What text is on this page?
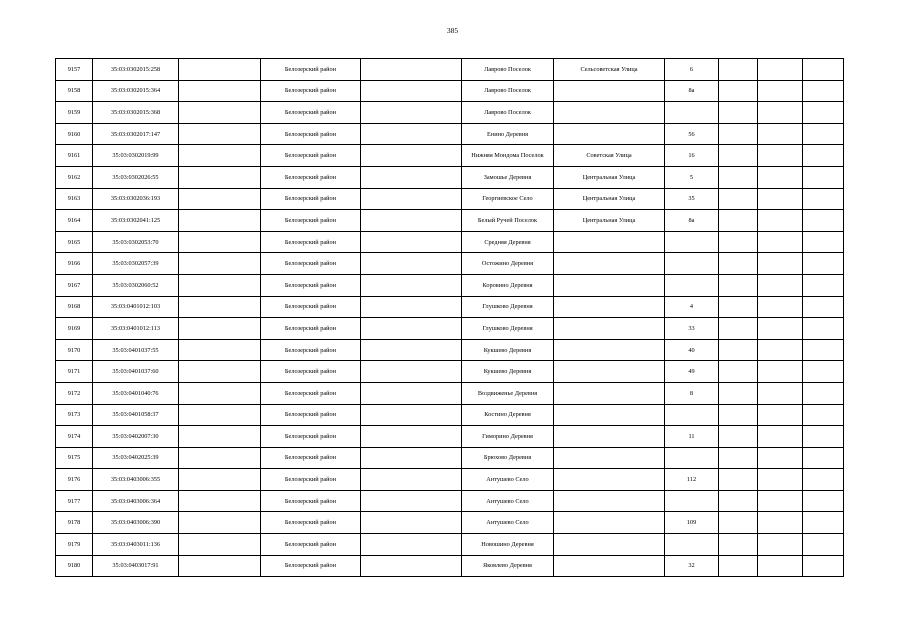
385
9157	35:03:0302015:258		Белозерский район		Лаврово Поселок	Сельсоветская Улица	6			
9158	35:03:0302015:364		Белозерский район		Лаврово Поселок		8а			
9159	35:03:0302015:368		Белозерский район		Лаврово Поселок					
9160	35:03:0302017:147		Белозерский район		Енино Деревня		56			
9161	35:03:0302019:99		Белозерский район		Нижняя Мондома Поселок	Советская Улица	16			
9162	35:03:0302026:55		Белозерский район		Замошье Деревня	Центральная Улица	5			
9163	35:03:0302036:193		Белозерский район		Георгиевское Село	Центральная Улица	35			
9164	35:03:0302041:125		Белозерский район		Белый Ручей Поселок	Центральная Улица	8а			
9165	35:03:0302053:70		Белозерский район		Средняя Деревня					
9166	35:03:0302057:39		Белозерский район		Остожино Деревня					
9167	35:03:0302060:52		Белозерский район		Коровино Деревня					
9168	35:03:0401012:103		Белозерский район		Глушково Деревня		4			
9169	35:03:0401012:113		Белозерский район		Глушково Деревня		33			
9170	35:03:0401037:55		Белозерский район		Кукшево Деревня		40			
9171	35:03:0401037:60		Белозерский район		Кукшево Деревня		49			
9172	35:03:0401040:76		Белозерский район		Воздвиженье Деревня		8			
9173	35:03:0401058:37		Белозерский район		Костино Деревня					
9174	35:03:0402007:30		Белозерский район		Гиморино Деревня		11			
9175	35:03:0402025:39		Белозерский район		Брюхово Деревня					
9176	35:03:0403006:355		Белозерский район		Антушево Село		112			
9177	35:03:0403006:364		Белозерский район		Антушево Село					
9178	35:03:0403006:390		Белозерский район		Антушево Село		109			
9179	35:03:0403011:136		Белозерский район		Новошино Деревня					
9180	35:03:0403017:91		Белозерский район		Яковлево Деревня		32			
